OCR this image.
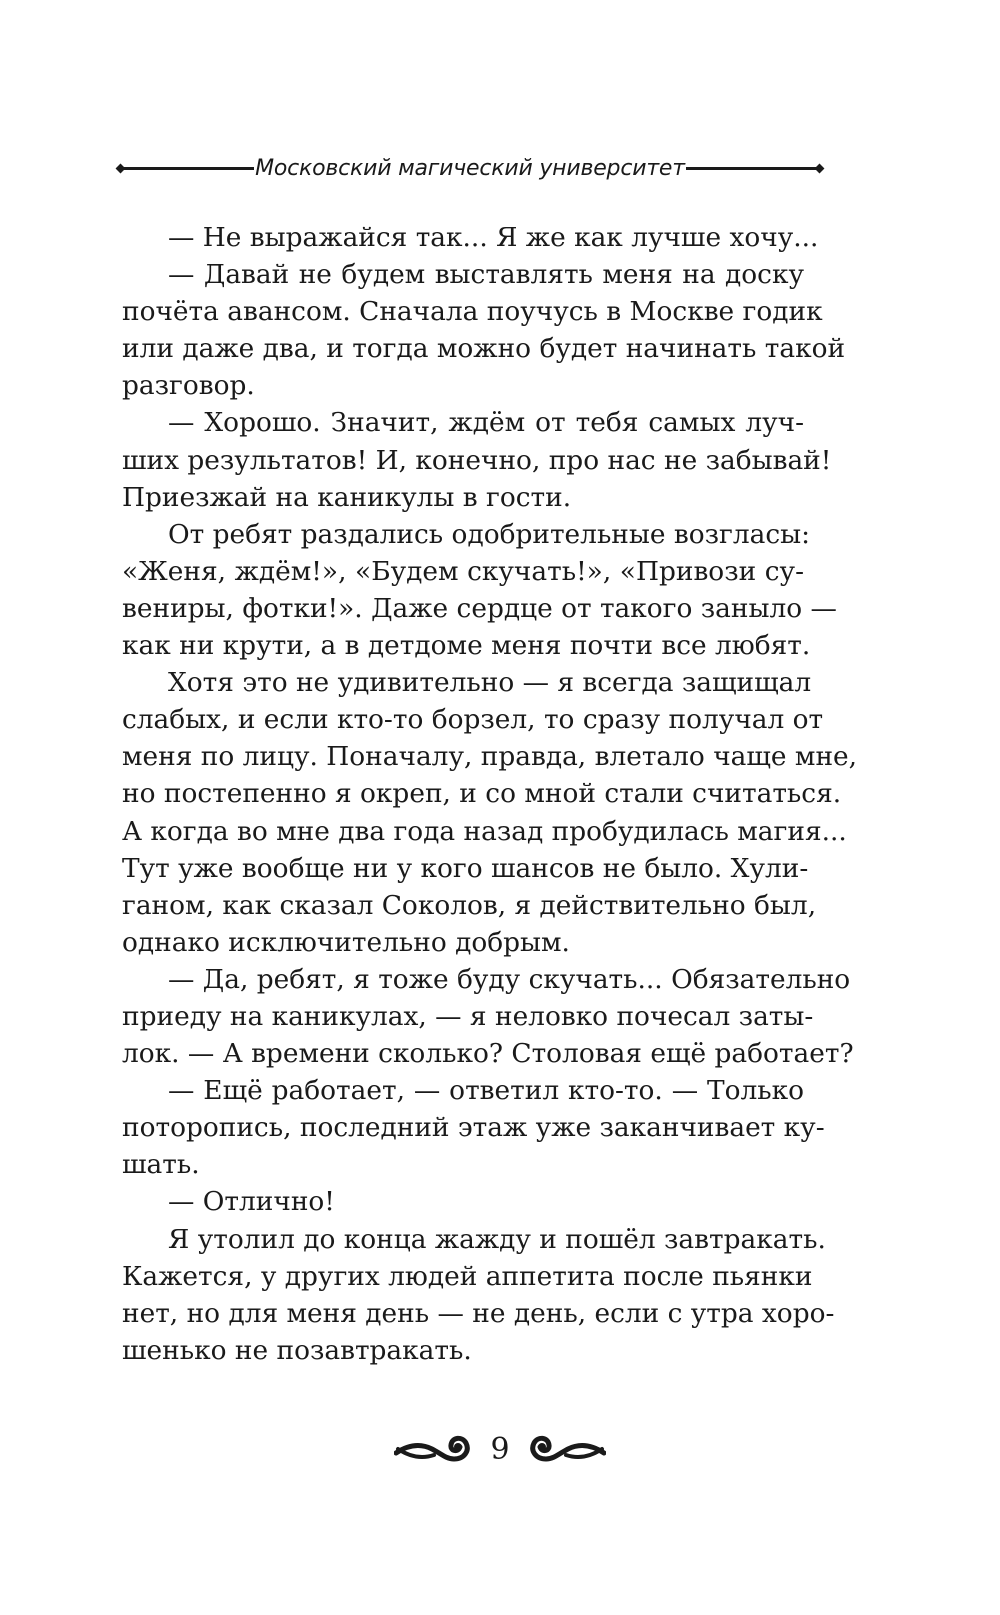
Московский магический университет
— Не выражайся так... Я же как лучше хочу...
— Давай не будем выставлять меня на доску
почёта авансом. Сначала поучусь в Москве годик
или даже два, и тогда можно будет начинать такой
разговор.
— Хорошо. Значит, ждём от тебя самых луч-
ших результатов! И, конечно, про нас не забывай!
Приезжай на каникулы в гости.
От ребят раздались одобрительные возгласы:
«Женя, ждём!», «Будем скучать!», «Привози су-
вениры, фотки!». Даже сердце от такого заныло —
как ни крути, а в детдоме меня почти все любят.
Хотя это не удивительно — я всегда защищал
слабых, и если кто-то борзел, то сразу получал от
меня по лицу. Поначалу, правда, влетало чаще мне,
но постепенно я окреп, и со мной стали считаться.
А когда во мне два года назад пробудилась магия...
Тут уже вообще ни у кого шансов не было. Хули-
ганом, как сказал Соколов, я действительно был,
однако исключительно добрым.
— Да, ребят, я тоже буду скучать... Обязательно
приеду на каникулах, — я неловко почесал заты-
лок. — А времени сколько? Столовая ещё работает?
— Ещё работает, — ответил кто-то. — Только
поторопись, последний этаж уже заканчивает ку-
шать.
— Отлично!
Я утолил до конца жажду и пошёл завтракать.
Кажется, у других людей аппетита после пьянки
нет, но для меня день — не день, если с утра хоро-
шенько не позавтракать.
9
